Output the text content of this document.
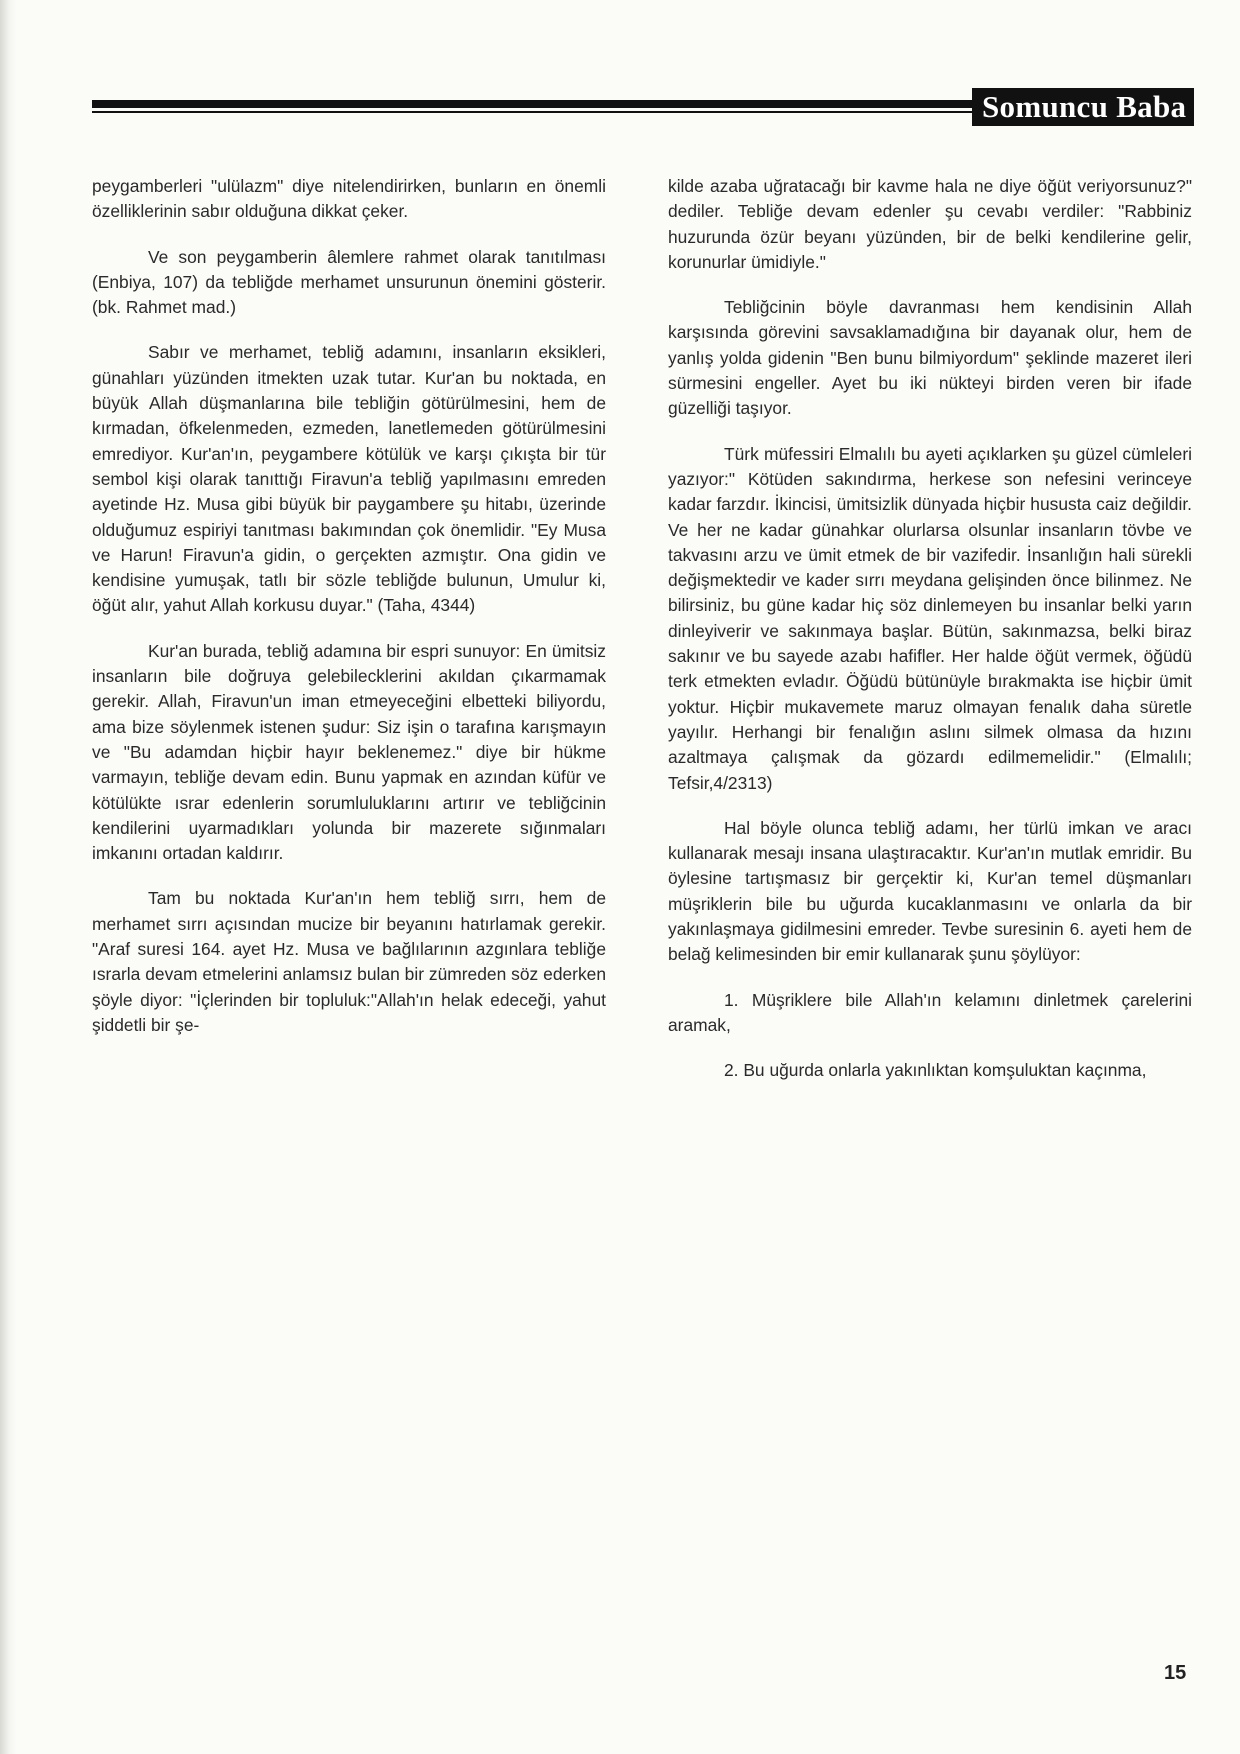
Somuncu Baba

peygamberleri "ulülazm" diye nitelendirirken, bunların en önemli özelliklerinin sabır olduğuna dikkat çeker.

Ve son peygamberin âlemlere rahmet olarak tanıtılması (Enbiya, 107) da tebliğde merhamet unsurunun önemini gösterir. (bk. Rahmet mad.)

Sabır ve merhamet, tebliğ adamını, insanların eksikleri, günahları yüzünden itmekten uzak tutar. Kur'an bu noktada, en büyük Allah düşmanlarına bile tebliğin götürülmesini, hem de kırmadan, öfkelenmeden, ezmeden, lanetlemeden götürülmesini emrediyor. Kur'an'ın, peygambere kötülük ve karşı çıkışta bir tür sembol kişi olarak tanıttığı Firavun'a tebliğ yapılmasını emreden ayetinde Hz. Musa gibi büyük bir paygambere şu hitabı, üzerinde olduğumuz espiriyi tanıtması bakımından çok önemlidir. "Ey Musa ve Harun! Firavun'a gidin, o gerçekten azmıştır. Ona gidin ve kendisine yumuşak, tatlı bir sözle tebliğde bulunun, Umulur ki, öğüt alır, yahut Allah korkusu duyar." (Taha, 4344)

Kur'an burada, tebliğ adamına bir espri sunuyor: En ümitsiz insanların bile doğruya gelebilecklerini akıldan çıkarmamak gerekir. Allah, Firavun'un iman etmeyeceğini elbetteki biliyordu, ama bize söylenmek istenen şudur: Siz işin o tarafına karışmayın ve "Bu adamdan hiçbir hayır beklenemez." diye bir hükme varmayın, tebliğe devam edin. Bunu yapmak en azından küfür ve kötülükte ısrar edenlerin sorumluluklarını artırır ve tebliğcinin kendilerini uyarmadıkları yolunda bir mazerete sığınmaları imkanını ortadan kaldırır.

Tam bu noktada Kur'an'ın hem tebliğ sırrı, hem de merhamet sırrı açısından mucize bir beyanını hatırlamak gerekir. "Araf suresi 164. ayet Hz. Musa ve bağlılarının azgınlara tebliğe ısrarla devam etmelerini anlamsız bulan bir zümreden söz ederken şöyle diyor: "İçlerinden bir topluluk:"Allah'ın helak edeceği, yahut şiddetli bir şe-

kilde azaba uğratacağı bir kavme hala ne diye öğüt veriyorsunuz?" dediler. Tebliğe devam edenler şu cevabı verdiler: "Rabbiniz huzurunda özür beyanı yüzünden, bir de belki kendilerine gelir, korunurlar ümidiyle."

Tebliğcinin böyle davranması hem kendisinin Allah karşısında görevini savsaklamadığına bir dayanak olur, hem de yanlış yolda gidenin "Ben bunu bilmiyordum" şeklinde mazeret ileri sürmesini engeller. Ayet bu iki nükteyi birden veren bir ifade güzelliği taşıyor.

Türk müfessiri Elmalılı bu ayeti açıklarken şu güzel cümleleri yazıyor:" Kötüden sakındırma, herkese son nefesini verinceye kadar farzdır. İkincisi, ümitsizlik dünyada hiçbir hususta caiz değildir. Ve her ne kadar günahkar olurlarsa olsunlar insanların tövbe ve takvasını arzu ve ümit etmek de bir vazifedir. İnsanlığın hali sürekli değişmektedir ve kader sırrı meydana gelişinden önce bilinmez. Ne bilirsiniz, bu güne kadar hiç söz dinlemeyen bu insanlar belki yarın dinleyiverir ve sakınmaya başlar. Bütün, sakınmazsa, belki biraz sakınır ve bu sayede azabı hafifler. Her halde öğüt vermek, öğüdü terk etmekten evladır. Öğüdü bütünüyle bırakmakta ise hiçbir ümit yoktur. Hiçbir mukavemete maruz olmayan fenalık daha süretle yayılır. Herhangi bir fenalığın aslını silmek olmasa da hızını azaltmaya çalışmak da gözardı edilmemelidir." (Elmalılı; Tefsir,4/2313)

Hal böyle olunca tebliğ adamı, her türlü imkan ve aracı kullanarak mesajı insana ulaştıracaktır. Kur'an'ın mutlak emridir. Bu öylesine tartışmasız bir gerçektir ki, Kur'an temel düşmanları müşriklerin bile bu uğurda kucaklanmasını ve onlarla da bir yakınlaşmaya gidilmesini emreder. Tevbe suresinin 6. ayeti hem de belağ kelimesinden bir emir kullanarak şunu şöylüyor:

1. Müşriklere bile Allah'ın kelamını dinletmek çarelerini aramak,

2. Bu uğurda onlarla yakınlıktan komşuluktan kaçınma,

15
